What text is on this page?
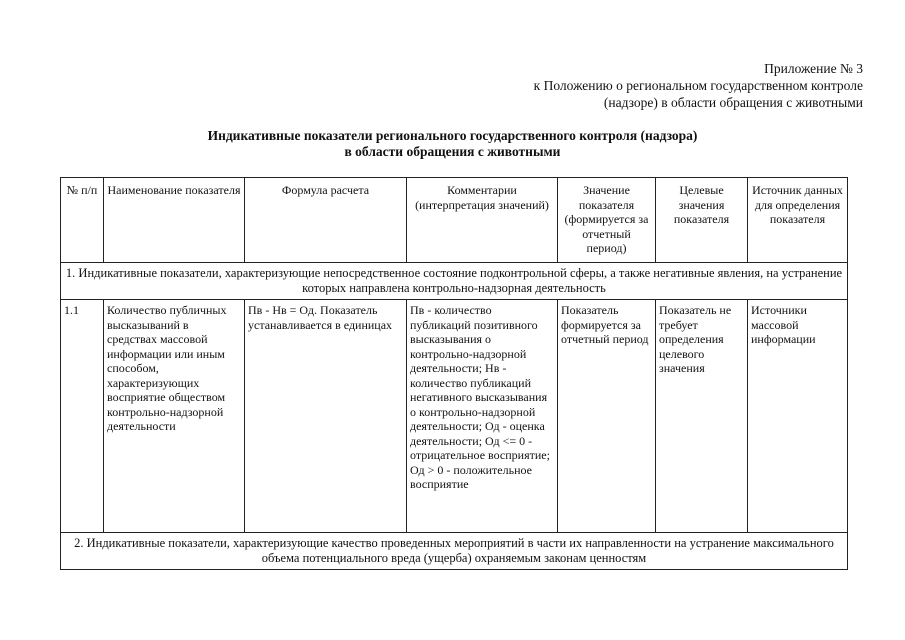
Приложение № 3
к Положению о региональном государственном контроле
(надзоре) в области обращения с животными
Индикативные показатели регионального государственного контроля (надзора)
в области обращения с животными
№ п/п	Наименование показателя	Формула расчета	Комментарии (интерпретация значений)	Значение показателя (формируется за отчетный период)	Целевые значения показателя	Источник данных для определения показателя
1. Индикативные показатели, характеризующие непосредственное состояние подконтрольной сферы, а также негативные явления, на устранение которых направлена контрольно-надзорная деятельность						
1.1	Количество публичных высказываний в средствах массовой информации или иным способом, характеризующих восприятие обществом контрольно-надзорной деятельности	Пв - Нв = Од. Показатель устанавливается в единицах	Пв - количество публикаций позитивного высказывания о контрольно-надзорной деятельности; Нв - количество публикаций негативного высказывания о контрольно-надзорной деятельности; Од - оценка деятельности; Од <= 0 - отрицательное восприятие; Од > 0 - положительное восприятие	Показатель формируется за отчетный период	Показатель не требует определения целевого значения	Источники массовой информации
2. Индикативные показатели, характеризующие качество проведенных мероприятий в части их направленности на устранение максимального объема потенциального вреда (ущерба) охраняемым законам ценностям						
